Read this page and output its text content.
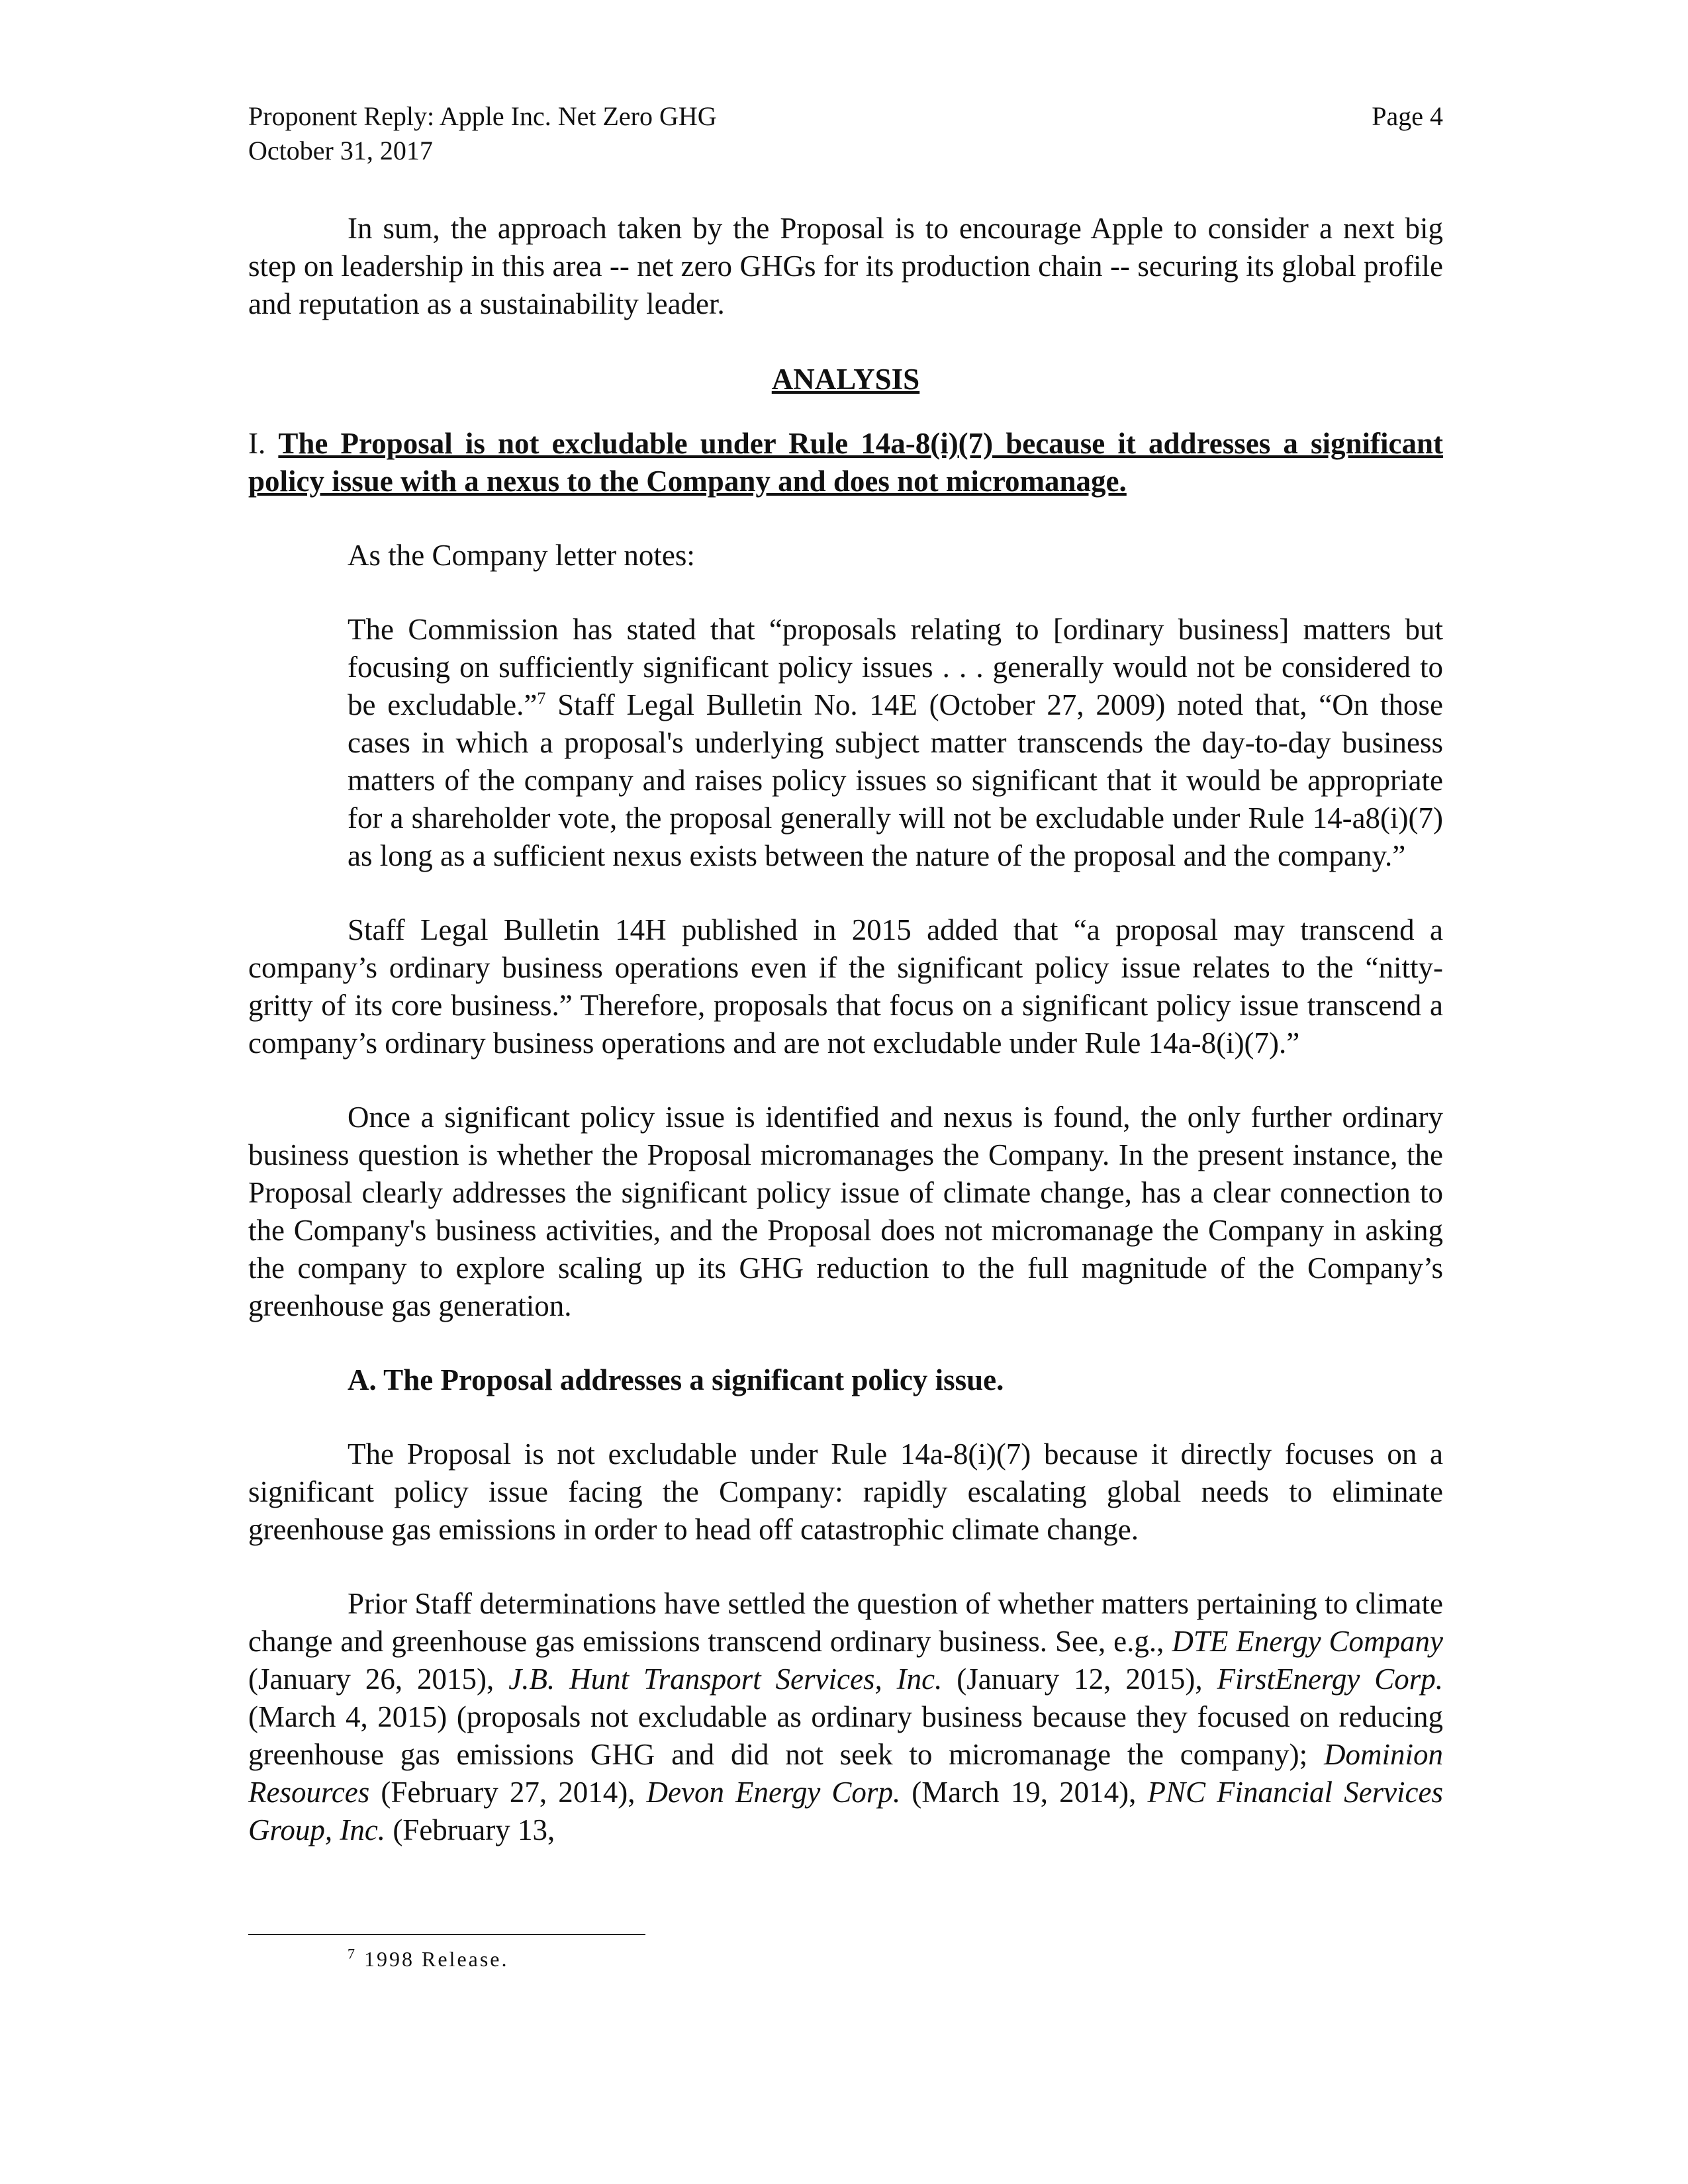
Proponent Reply: Apple Inc. Net Zero GHG	Page 4
October 31, 2017

In sum, the approach taken by the Proposal is to encourage Apple to consider a next big step on leadership in this area -- net zero GHGs for its production chain -- securing its global profile and reputation as a sustainability leader.

ANALYSIS

I. The Proposal is not excludable under Rule 14a-8(i)(7) because it addresses a significant policy issue with a nexus to the Company and does not micromanage.

As the Company letter notes:

The Commission has stated that “proposals relating to [ordinary business] matters but focusing on sufficiently significant policy issues . . . generally would not be considered to be excludable.”$^7$ Staff Legal Bulletin No. 14E (October 27, 2009) noted that, “On those cases in which a proposal's underlying subject matter transcends the day-to-day business matters of the company and raises policy issues so significant that it would be appropriate for a shareholder vote, the proposal generally will not be excludable under Rule 14-a8(i)(7) as long as a sufficient nexus exists between the nature of the proposal and the company.”

Staff Legal Bulletin 14H published in 2015 added that “a proposal may transcend a company’s ordinary business operations even if the significant policy issue relates to the “nitty-gritty of its core business.” Therefore, proposals that focus on a significant policy issue transcend a company’s ordinary business operations and are not excludable under Rule 14a-8(i)(7).”

Once a significant policy issue is identified and nexus is found, the only further ordinary business question is whether the Proposal micromanages the Company. In the present instance, the Proposal clearly addresses the significant policy issue of climate change, has a clear connection to the Company's business activities, and the Proposal does not micromanage the Company in asking the company to explore scaling up its GHG reduction to the full magnitude of the Company’s greenhouse gas generation.

A. The Proposal addresses a significant policy issue.

The Proposal is not excludable under Rule 14a-8(i)(7) because it directly focuses on a significant policy issue facing the Company: rapidly escalating global needs to eliminate greenhouse gas emissions in order to head off catastrophic climate change.

Prior Staff determinations have settled the question of whether matters pertaining to climate change and greenhouse gas emissions transcend ordinary business. See, e.g., DTE Energy Company (January 26, 2015), J.B. Hunt Transport Services, Inc. (January 12, 2015), FirstEnergy Corp. (March 4, 2015) (proposals not excludable as ordinary business because they focused on reducing greenhouse gas emissions GHG and did not seek to micromanage the company); Dominion Resources (February 27, 2014), Devon Energy Corp. (March 19, 2014), PNC Financial Services Group, Inc. (February 13,

$^7$ 1998 Release.
